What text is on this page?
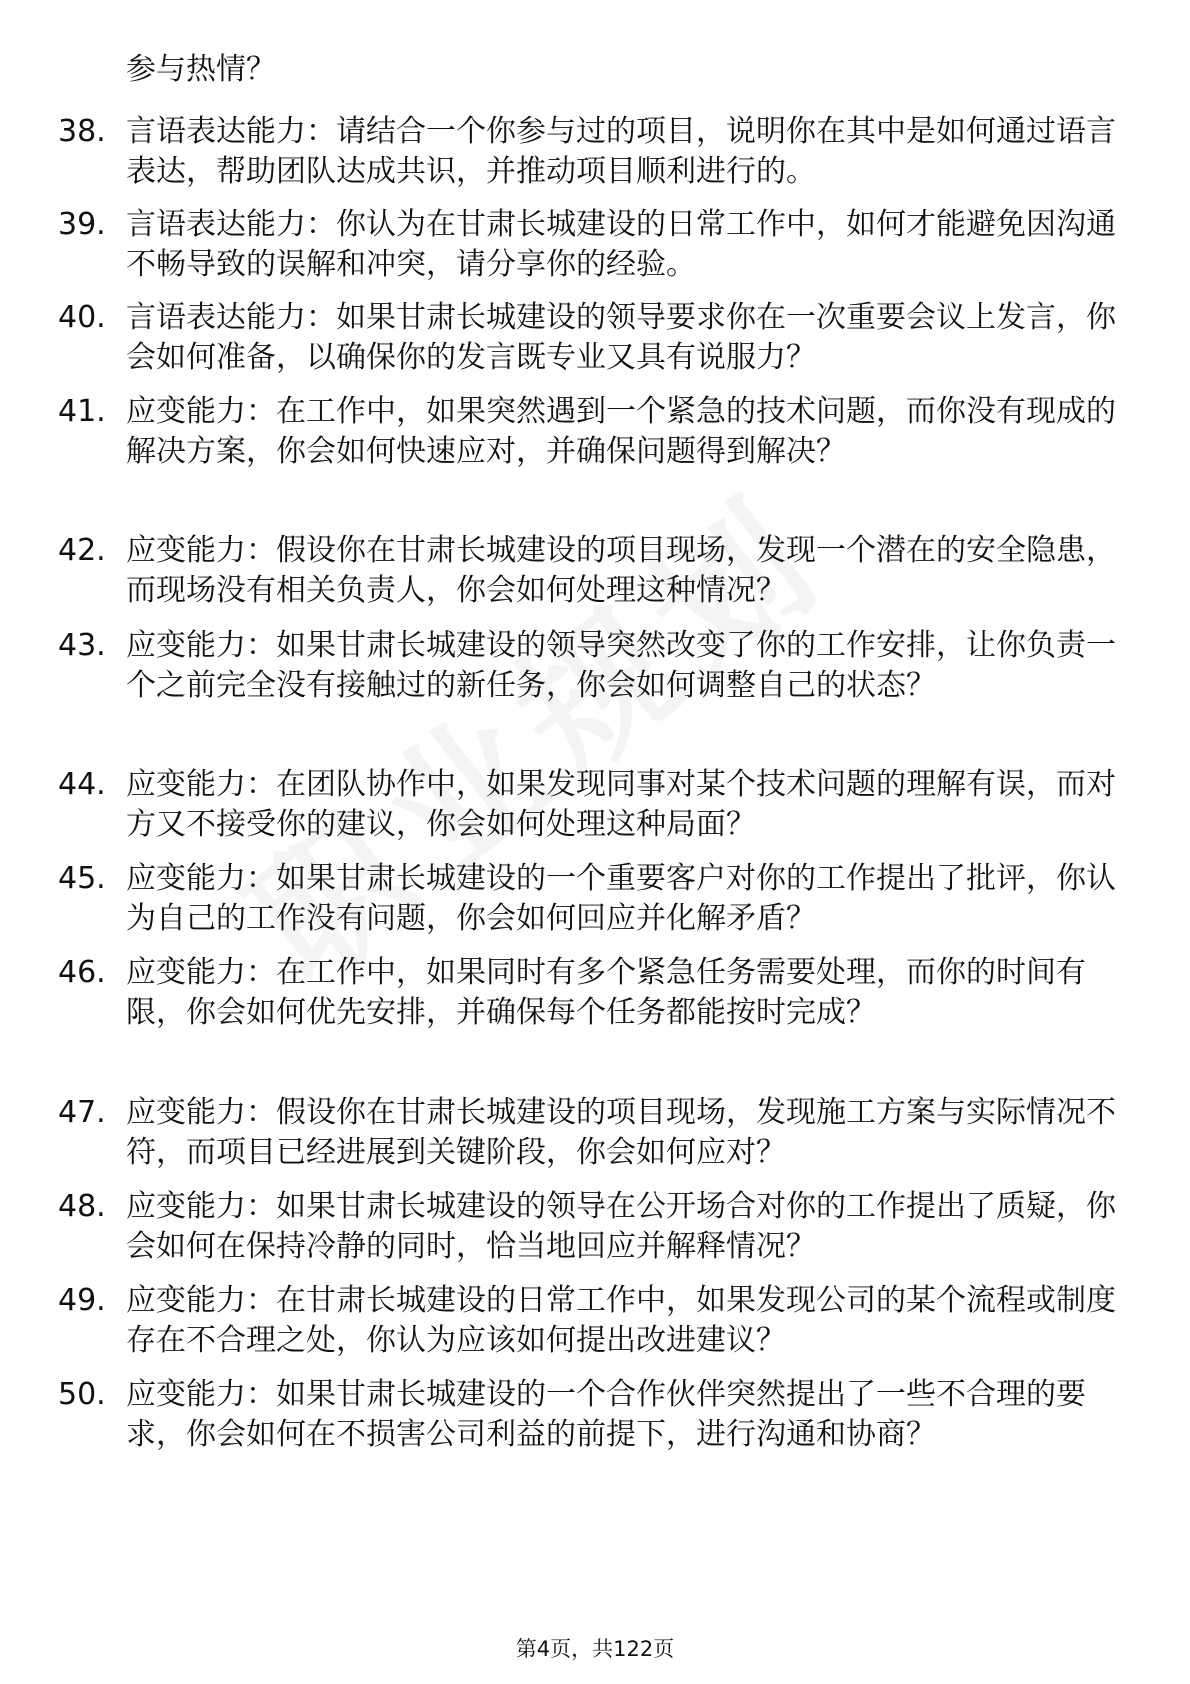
参与热情？
38. 言语表达能力：请结合一个你参与过的项目，说明你在其中是如何通过语言表达，帮助团队达成共识，并推动项目顺利进行的。
39. 言语表达能力：你认为在甘肃长城建设的日常工作中，如何才能避免因沟通不畅导致的误解和冲突，请分享你的经验。
40. 言语表达能力：如果甘肃长城建设的领导要求你在一次重要会议上发言，你会如何准备，以确保你的发言既专业又具有说服力？
41. 应变能力：在工作中，如果突然遇到一个紧急的技术问题，而你没有现成的解决方案，你会如何快速应对，并确保问题得到解决？
42. 应变能力：假设你在甘肃长城建设的项目现场，发现一个潜在的安全隐患，而现场没有相关负责人，你会如何处理这种情况？
43. 应变能力：如果甘肃长城建设的领导突然改变了你的工作安排，让你负责一个之前完全没有接触过的新任务，你会如何调整自己的状态？
44. 应变能力：在团队协作中，如果发现同事对某个技术问题的理解有误，而对方又不接受你的建议，你会如何处理这种局面？
45. 应变能力：如果甘肃长城建设的一个重要客户对你的工作提出了批评，你认为自己的工作没有问题，你会如何回应并化解矛盾？
46. 应变能力：在工作中，如果同时有多个紧急任务需要处理，而你的时间有限，你会如何优先安排，并确保每个任务都能按时完成？
47. 应变能力：假设你在甘肃长城建设的项目现场，发现施工方案与实际情况不符，而项目已经进展到关键阶段，你会如何应对？
48. 应变能力：如果甘肃长城建设的领导在公开场合对你的工作提出了质疑，你会如何在保持冷静的同时，恰当地回应并解释情况？
49. 应变能力：在甘肃长城建设的日常工作中，如果发现公司的某个流程或制度存在不合理之处，你认为应该如何提出改进建议？
50. 应变能力：如果甘肃长城建设的一个合作伙伴突然提出了一些不合理的要求，你会如何在不损害公司利益的前提下，进行沟通和协商？
第4页，共122页
